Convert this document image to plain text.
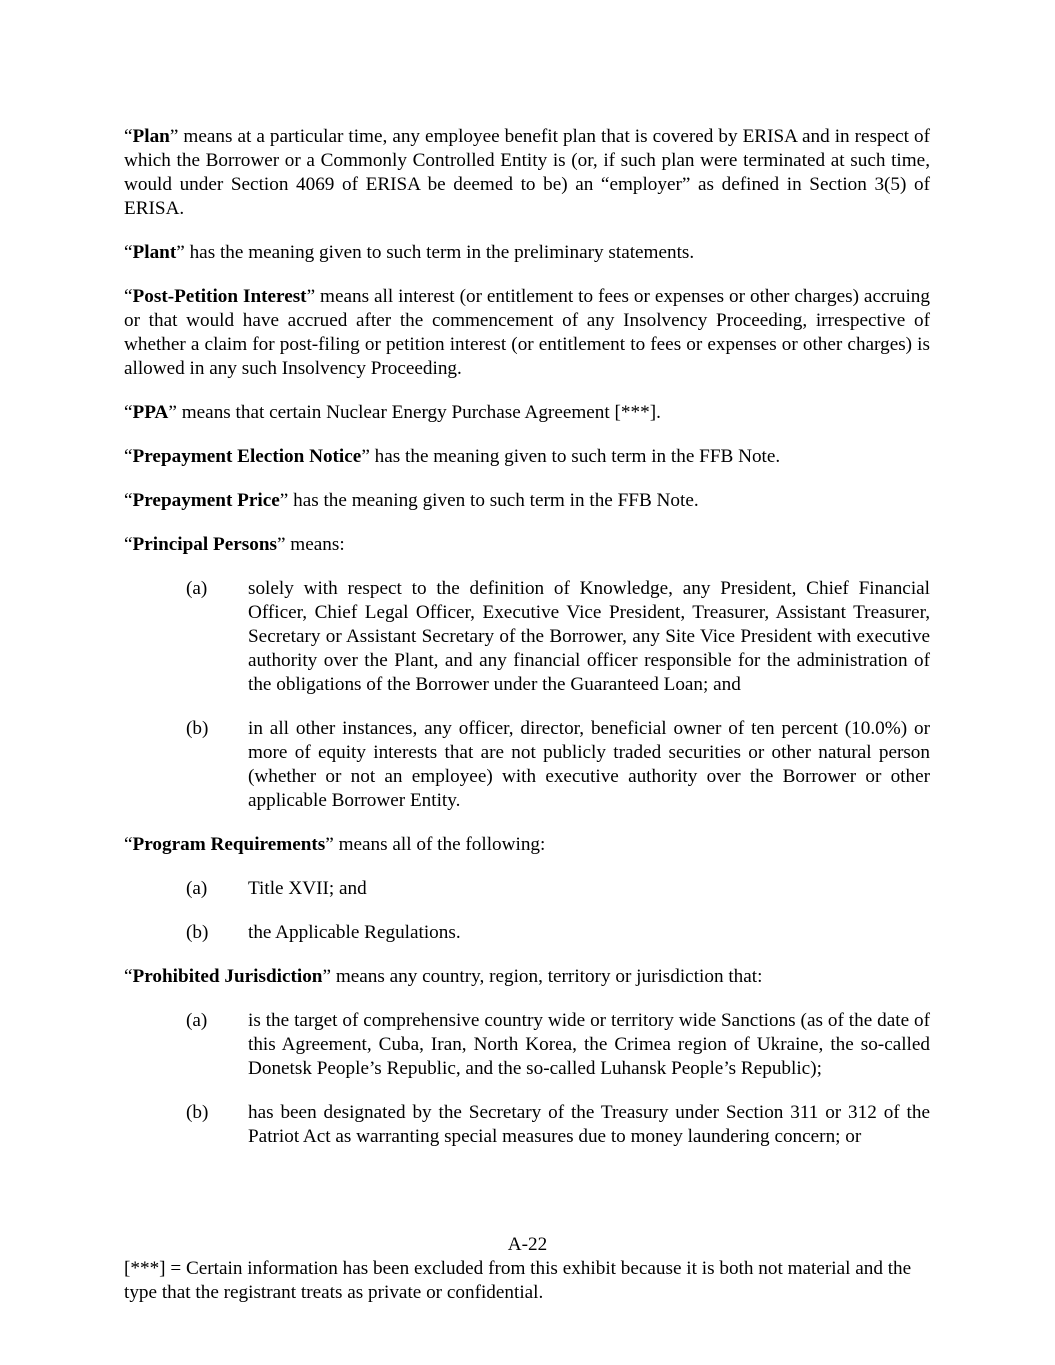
“Plan” means at a particular time, any employee benefit plan that is covered by ERISA and in respect of which the Borrower or a Commonly Controlled Entity is (or, if such plan were terminated at such time, would under Section 4069 of ERISA be deemed to be) an “employer” as defined in Section 3(5) of ERISA.

“Plant” has the meaning given to such term in the preliminary statements.

“Post-Petition Interest” means all interest (or entitlement to fees or expenses or other charges) accruing or that would have accrued after the commencement of any Insolvency Proceeding, irrespective of whether a claim for post-filing or petition interest (or entitlement to fees or expenses or other charges) is allowed in any such Insolvency Proceeding.

“PPA” means that certain Nuclear Energy Purchase Agreement [***].

“Prepayment Election Notice” has the meaning given to such term in the FFB Note.

“Prepayment Price” has the meaning given to such term in the FFB Note.

“Principal Persons” means:

(a)	solely with respect to the definition of Knowledge, any President, Chief Financial Officer, Chief Legal Officer, Executive Vice President, Treasurer, Assistant Treasurer, Secretary or Assistant Secretary of the Borrower, any Site Vice President with executive authority over the Plant, and any financial officer responsible for the administration of the obligations of the Borrower under the Guaranteed Loan; and
(b)	in all other instances, any officer, director, beneficial owner of ten percent (10.0%) or more of equity interests that are not publicly traded securities or other natural person (whether or not an employee) with executive authority over the Borrower or other applicable Borrower Entity.

“Program Requirements” means all of the following:

(a)	Title XVII; and
(b)	the Applicable Regulations.

“Prohibited Jurisdiction” means any country, region, territory or jurisdiction that:

(a)	is the target of comprehensive country wide or territory wide Sanctions (as of the date of this Agreement, Cuba, Iran, North Korea, the Crimea region of Ukraine, the so-called Donetsk People’s Republic, and the so-called Luhansk People’s Republic);
(b)	has been designated by the Secretary of the Treasury under Section 311 or 312 of the Patriot Act as warranting special measures due to money laundering concern; or
A-22
[***] = Certain information has been excluded from this exhibit because it is both not material and the type that the registrant treats as private or confidential.
